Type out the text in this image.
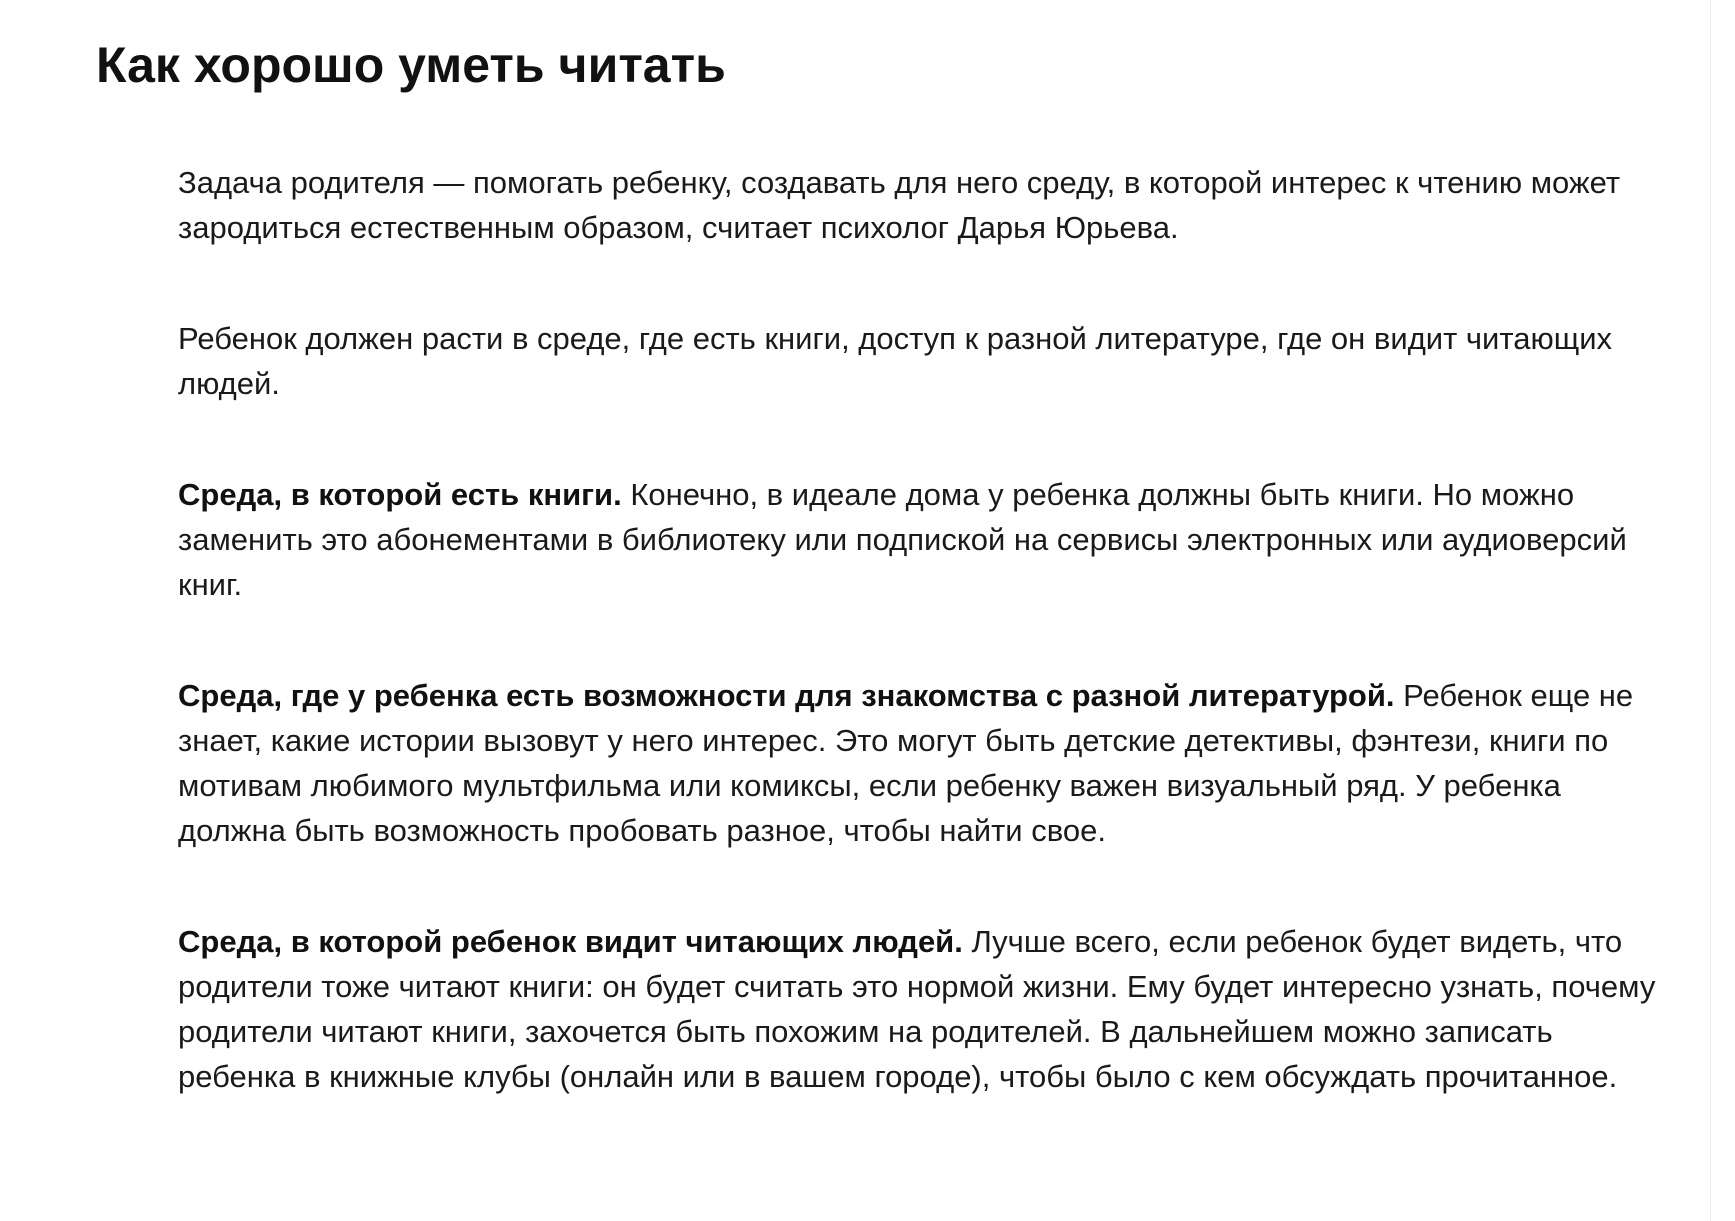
Как хорошо уметь читать

Задача родителя — помогать ребенку, создавать для него среду, в которой интерес к чтению может зародиться естественным образом, считает психолог Дарья Юрьева.

Ребенок должен расти в среде, где есть книги, доступ к разной литературе, где он видит читающих людей.

Среда, в которой есть книги. Конечно, в идеале дома у ребенка должны быть книги. Но можно заменить это абонементами в библиотеку или подпиской на сервисы электронных или аудиоверсий книг.

Среда, где у ребенка есть возможности для знакомства с разной литературой. Ребенок еще не знает, какие истории вызовут у него интерес. Это могут быть детские детективы, фэнтези, книги по мотивам любимого мультфильма или комиксы, если ребенку важен визуальный ряд. У ребенка должна быть возможность пробовать разное, чтобы найти свое.

Среда, в которой ребенок видит читающих людей. Лучше всего, если ребенок будет видеть, что родители тоже читают книги: он будет считать это нормой жизни. Ему будет интересно узнать, почему родители читают книги, захочется быть похожим на родителей. В дальнейшем можно записать ребенка в книжные клубы (онлайн или в вашем городе), чтобы было с кем обсуждать прочитанное.
